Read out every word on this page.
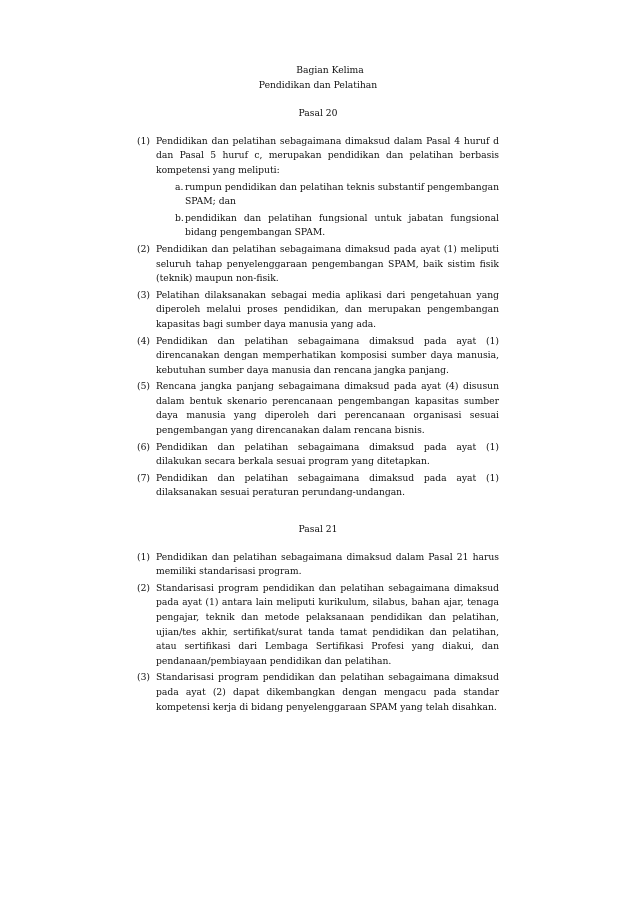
Bagian Kelima

Pendidikan dan Pelatihan

Pasal 20

(1) Pendidikan dan pelatihan sebagaimana dimaksud dalam Pasal 4 huruf d dan Pasal 5 huruf c, merupakan pendidikan dan pelatihan berbasis kompetensi yang meliputi:
a. rumpun pendidikan dan pelatihan teknis substantif pengembangan SPAM; dan
b. pendidikan dan pelatihan fungsional untuk jabatan fungsional bidang pengembangan SPAM.
(2) Pendidikan dan pelatihan sebagaimana dimaksud pada ayat (1) meliputi seluruh tahap penyelenggaraan pengembangan SPAM, baik sistim fisik (teknik) maupun non-fisik.
(3) Pelatihan dilaksanakan sebagai media aplikasi dari pengetahuan yang diperoleh melalui proses pendidikan, dan merupakan pengembangan kapasitas bagi sumber daya manusia yang ada.
(4) Pendidikan dan pelatihan sebagaimana dimaksud pada ayat (1) direncanakan dengan memperhatikan komposisi sumber daya manusia, kebutuhan sumber daya manusia dan rencana jangka panjang.
(5) Rencana jangka panjang sebagaimana dimaksud pada ayat (4) disusun dalam bentuk skenario perencanaan pengembangan kapasitas sumber daya manusia yang diperoleh dari perencanaan organisasi sesuai pengembangan yang direncanakan dalam rencana bisnis.
(6) Pendidikan dan pelatihan sebagaimana dimaksud pada ayat (1) dilakukan secara berkala sesuai program yang ditetapkan.
(7) Pendidikan dan pelatihan sebagaimana dimaksud pada ayat (1) dilaksanakan sesuai peraturan perundang-undangan.

Pasal 21

(1) Pendidikan dan pelatihan sebagaimana dimaksud dalam Pasal 21 harus memiliki standarisasi program.
(2) Standarisasi program pendidikan dan pelatihan sebagaimana dimaksud pada ayat (1) antara lain meliputi kurikulum, silabus, bahan ajar, tenaga pengajar, teknik dan metode pelaksanaan pendidikan dan pelatihan, ujian/tes akhir, sertifikat/surat tanda tamat pendidikan dan pelatihan, atau sertifikasi dari Lembaga Sertifikasi Profesi yang diakui, dan pendanaan/pembiayaan pendidikan dan pelatihan.
(3) Standarisasi program pendidikan dan pelatihan sebagaimana dimaksud pada ayat (2) dapat dikembangkan dengan mengacu pada standar kompetensi kerja di bidang penyelenggaraan SPAM yang telah disahkan.
